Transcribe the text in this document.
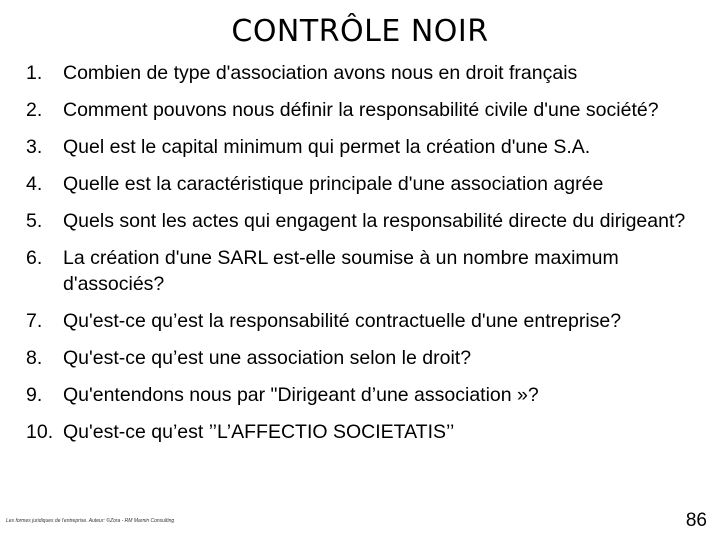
CONTRÔLE NOIR
1.	Combien de type d'association avons nous en droit français
2.	Comment pouvons nous définir la responsabilité civile d'une société?
3.	Quel est le capital minimum qui permet la création d'une S.A.
4.	Quelle est la caractéristique principale d'une association agrée
5.	Quels sont les actes qui engagent la responsabilité directe du dirigeant?
6.	La création d'une SARL est-elle soumise à un nombre maximum d'associés?
7.	Qu'est-ce qu’est la responsabilité contractuelle d'une entreprise?
8.	Qu'est-ce qu’est une association selon le droit?
9.	Qu'entendons nous par "Dirigeant d’une association »?
10. Qu'est-ce qu’est ’’L’AFFECTIO SOCIETATIS’’
Les formes juridiques de l'entreprise. Auteur: ©Zora - RM Marnin Consulting	86
